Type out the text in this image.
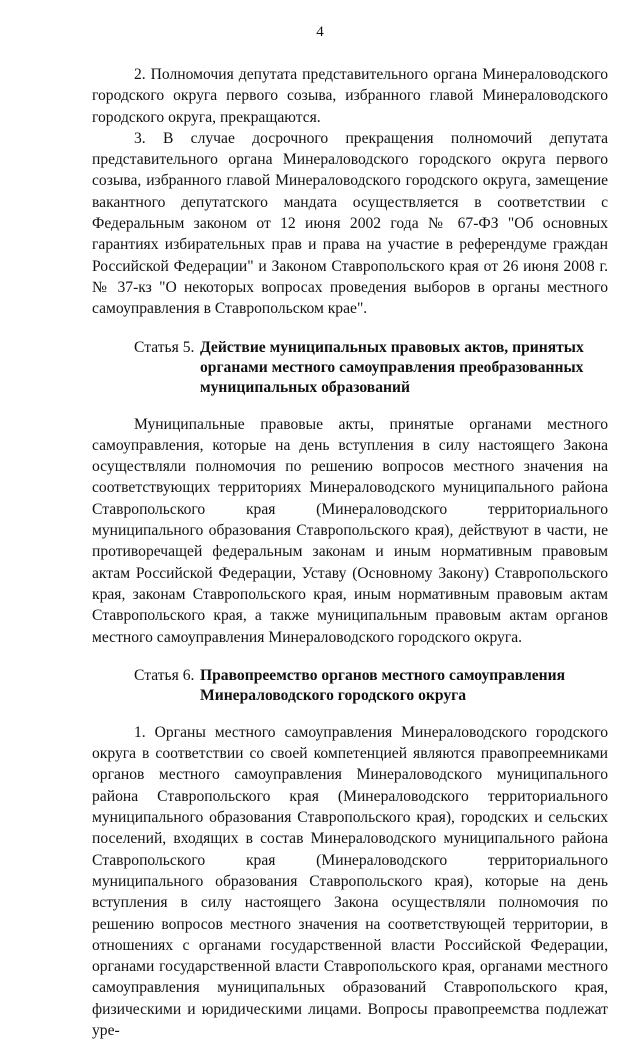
4

2. Полномочия депутата представительного органа Минераловодского городского округа первого созыва, избранного главой Минераловодского городского округа, прекращаются.

3. В случае досрочного прекращения полномочий депутата представительного органа Минераловодского городского округа первого созыва, избранного главой Минераловодского городского округа, замещение вакантного депутатского мандата осуществляется в соответствии с Федеральным законом от 12 июня 2002 года № 67-ФЗ "Об основных гарантиях избирательных прав и права на участие в референдуме граждан Российской Федерации" и Законом Ставропольского края от 26 июня 2008 г. № 37-кз "О некоторых вопросах проведения выборов в органы местного самоуправления в Ставропольском крае".

Статья 5. Действие муниципальных правовых актов, принятых органами местного самоуправления преобразованных муниципальных образований

Муниципальные правовые акты, принятые органами местного самоуправления, которые на день вступления в силу настоящего Закона осуществляли полномочия по решению вопросов местного значения на соответствующих территориях Минераловодского муниципального района Ставропольского края (Минераловодского территориального муниципального образования Ставропольского края), действуют в части, не противоречащей федеральным законам и иным нормативным правовым актам Российской Федерации, Уставу (Основному Закону) Ставропольского края, законам Ставропольского края, иным нормативным правовым актам Ставропольского края, а также муниципальным правовым актам органов местного самоуправления Минераловодского городского округа.

Статья 6. Правопреемство органов местного самоуправления Минераловодского городского округа

1. Органы местного самоуправления Минераловодского городского округа в соответствии со своей компетенцией являются правопреемниками органов местного самоуправления Минераловодского муниципального района Ставропольского края (Минераловодского территориального муниципального образования Ставропольского края), городских и сельских поселений, входящих в состав Минераловодского муниципального района Ставропольского края (Минераловодского территориального муниципального образования Ставропольского края), которые на день вступления в силу настоящего Закона осуществляли полномочия по решению вопросов местного значения на соответствующей территории, в отношениях с органами государственной власти Российской Федерации, органами государственной власти Ставропольского края, органами местного самоуправления муниципальных образований Ставропольского края, физическими и юридическими лицами. Вопросы правопреемства подлежат уре-
